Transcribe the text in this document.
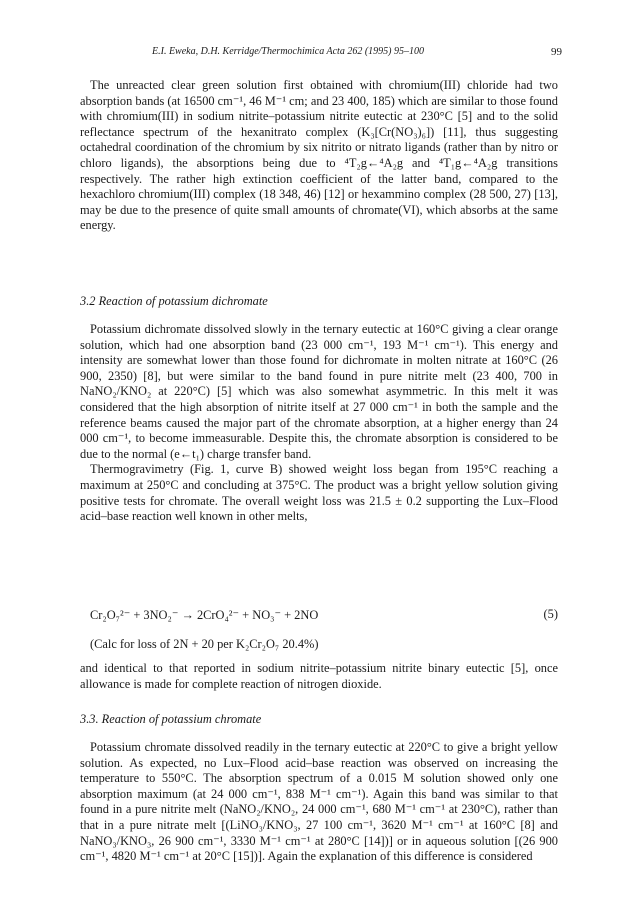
E.I. Eweka, D.H. Kerridge/Thermochimica Acta 262 (1995) 95–100	99

The unreacted clear green solution first obtained with chromium(III) chloride had two absorption bands (at 16500 cm⁻¹, 46 M⁻¹ cm; and 23 400, 185) which are similar to those found with chromium(III) in sodium nitrite–potassium nitrite eutectic at 230°C [5] and to the solid reflectance spectrum of the hexanitrato complex (K₃[Cr(NO₃)₆]) [11], thus suggesting octahedral coordination of the chromium by six nitrito or nitrato ligands (rather than by nitro or chloro ligands), the absorptions being due to ⁴T₂g←⁴A₂g and ⁴T₁g←⁴A₂g transitions respectively. The rather high extinction coefficient of the latter band, compared to the hexachloro chromium(III) complex (18 348, 46) [12] or hexammino complex (28 500, 27) [13], may be due to the presence of quite small amounts of chromate(VI), which absorbs at the same energy.

3.2 Reaction of potassium dichromate

Potassium dichromate dissolved slowly in the ternary eutectic at 160°C giving a clear orange solution, which had one absorption band (23 000 cm⁻¹, 193 M⁻¹ cm⁻¹). This energy and intensity are somewhat lower than those found for dichromate in molten nitrate at 160°C (26 900, 2350) [8], but were similar to the band found in pure nitrite melt (23 400, 700 in NaNO₂/KNO₂ at 220°C) [5] which was also somewhat asymmetric. In this melt it was considered that the high absorption of nitrite itself at 27 000 cm⁻¹ in both the sample and the reference beams caused the major part of the chromate absorption, at a higher energy than 24 000 cm⁻¹, to become immeasurable. Despite this, the chromate absorption is considered to be due to the normal (e←t₁) charge transfer band.

Thermogravimetry (Fig. 1, curve B) showed weight loss began from 195°C reaching a maximum at 250°C and concluding at 375°C. The product was a bright yellow solution giving positive tests for chromate. The overall weight loss was 21.5 ± 0.2 supporting the Lux–Flood acid–base reaction well known in other melts,

Cr₂O₇²⁻ + 3NO₂⁻ → 2CrO₄²⁻ + NO₃⁻ + 2NO	(5)
(Calc for loss of 2N + 20 per K₂Cr₂O₇ 20.4%)

and identical to that reported in sodium nitrite–potassium nitrite binary eutectic [5], once allowance is made for complete reaction of nitrogen dioxide.

3.3. Reaction of potassium chromate

Potassium chromate dissolved readily in the ternary eutectic at 220°C to give a bright yellow solution. As expected, no Lux–Flood acid–base reaction was observed on increasing the temperature to 550°C. The absorption spectrum of a 0.015 M solution showed only one absorption maximum (at 24 000 cm⁻¹, 838 M⁻¹ cm⁻¹). Again this band was similar to that found in a pure nitrite melt (NaNO₂/KNO₂, 24 000 cm⁻¹, 680 M⁻¹ cm⁻¹ at 230°C), rather than that in a pure nitrate melt [(LiNO₃/KNO₃, 27 100 cm⁻¹, 3620 M⁻¹ cm⁻¹ at 160°C [8] and NaNO₃/KNO₃, 26 900 cm⁻¹, 3330 M⁻¹ cm⁻¹ at 280°C [14])] or in aqueous solution [(26 900 cm⁻¹, 4820 M⁻¹ cm⁻¹ at 20°C [15])]. Again the explanation of this difference is considered
